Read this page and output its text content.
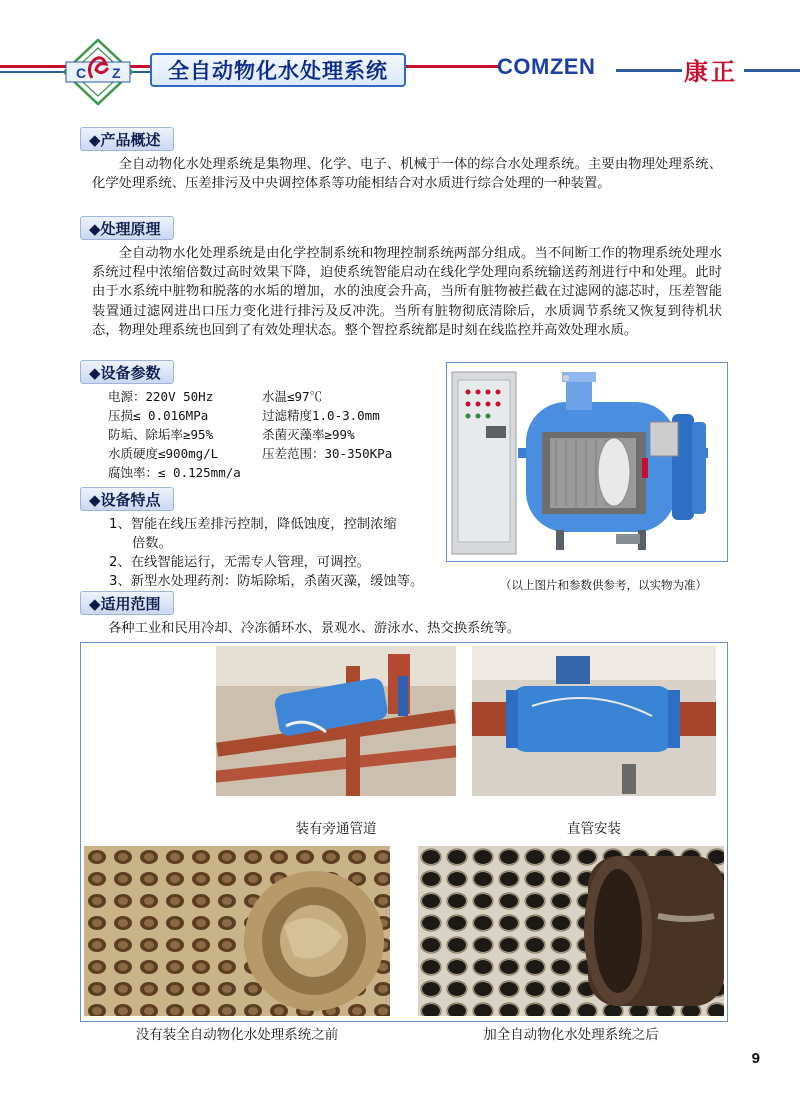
C Z	全自动物化水处理系统	COMZEN	康正
◆产品概述

全自动物化水处理系统是集物理、化学、电子、机械于一体的综合水处理系统。主要由物理处理系统、化学处理系统、压差排污及中央调控体系等功能相结合对水质进行综合处理的一种装置。

◆处理原理

全自动物水化处理系统是由化学控制系统和物理控制系统两部分组成。当不间断工作的物理系统处理水系统过程中浓缩倍数过高时效果下降，迫使系统智能启动在线化学处理向系统输送药剂进行中和处理。此时由于水系统中脏物和脱落的水垢的增加，水的浊度会升高，当所有脏物被拦截在过滤网的滤芯时，压差智能装置通过滤网进出口压力变化进行排污及反冲洗。当所有脏物彻底清除后，水质调节系统又恢复到待机状态，物理处理系统也回到了有效处理状态。整个智控系统都是时刻在线监控并高效处理水质。

◆设备参数
电源：220V 50Hz	水温≤97℃
压损≤ 0.016MPa	过滤精度1.0-3.0mm
防垢、除垢率≥95%	杀菌灭藻率≥99%
水质硬度≤900mg/L	压差范围：30-350KPa
腐蚀率：≤ 0.125mm/a
◆设备特点
1、智能在线压差排污控制，降低蚀度，控制浓缩
倍数。
2、在线智能运行，无需专人管理，可调控。
3、新型水处理药剂：防垢除垢，杀菌灭藻，缓蚀等。	（以上图片和参数供参考，以实物为准）
◆适用范围
各种工业和民用冷却、冷冻循环水、景观水、游泳水、热交换系统等。
装有旁通管道	直管安装
没有装全自动物化水处理系统之前	加全自动物化水处理系统之后
9
